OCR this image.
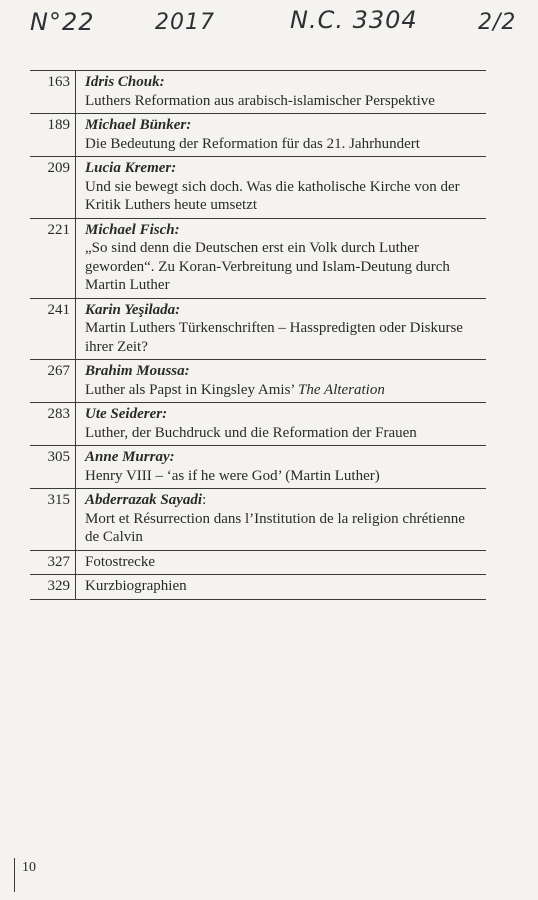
N°22	2017	N.C. 3304	2/2
163	Idris Chouk:
Luthers Reformation aus arabisch-islamischer Perspektive
189	Michael Bünker:
Die Bedeutung der Reformation für das 21. Jahrhundert
209	Lucia Kremer:
Und sie bewegt sich doch. Was die katholische Kirche von der Kritik Luthers heute umsetzt
221	Michael Fisch:
„So sind denn die Deutschen erst ein Volk durch Luther geworden“. Zu Koran-Verbreitung und Islam-Deutung durch Martin Luther
241	Karin Yeşilada:
Martin Luthers Türkenschriften – Hasspredigten oder Diskurse ihrer Zeit?
267	Brahim Moussa:
Luther als Papst in Kingsley Amis’ The Alteration
283	Ute Seiderer:
Luther, der Buchdruck und die Reformation der Frauen
305	Anne Murray:
Henry VIII – ‘as if he were God’ (Martin Luther)
315	Abderrazak Sayadi:
Mort et Résurrection dans l’Institution de la religion chrétienne de Calvin
327	Fotostrecke
329	Kurzbiographien
10
